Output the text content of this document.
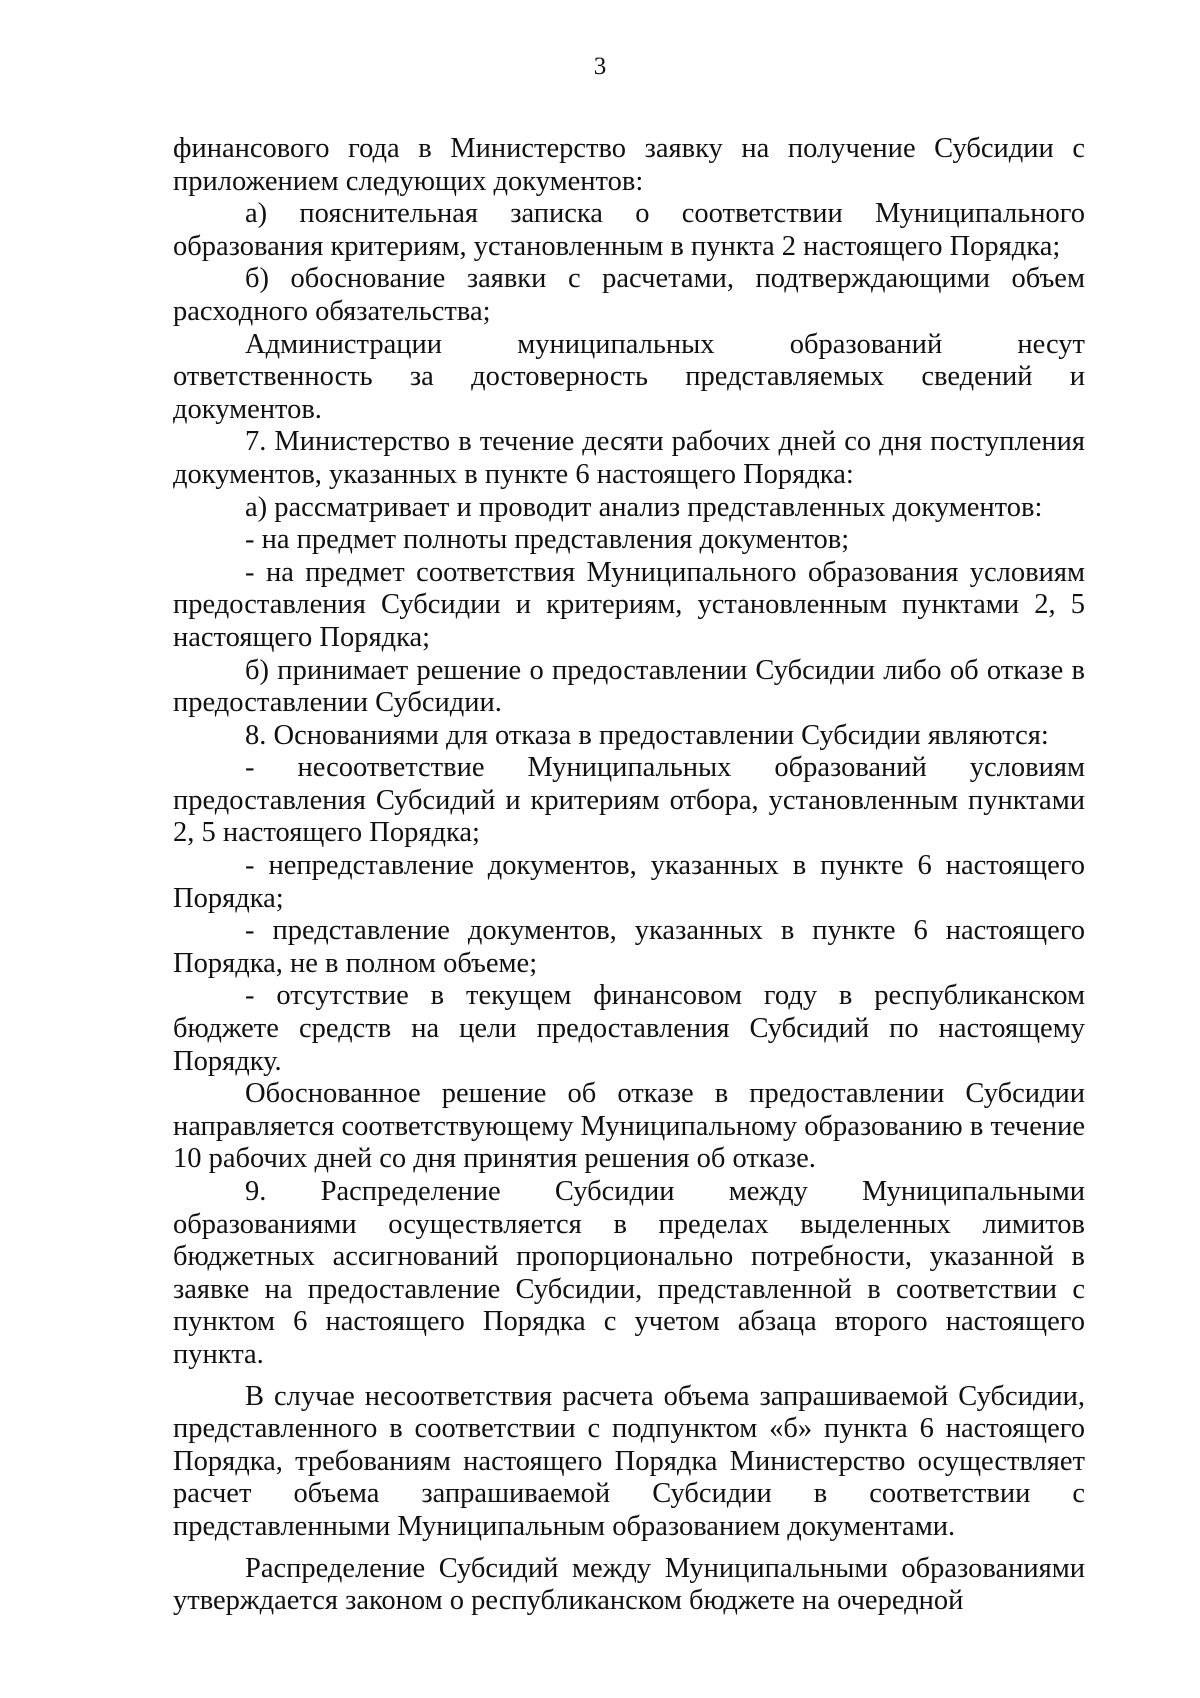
3

финансового года в Министерство заявку на получение Субсидии с приложением следующих документов:

а) пояснительная записка о соответствии Муниципального образования критериям, установленным в пункта 2 настоящего Порядка;

б) обоснование заявки с расчетами, подтверждающими объем расходного обязательства;

Администрации муниципальных образований несут ответственность за достоверность представляемых сведений и документов.

7. Министерство в течение десяти рабочих дней со дня поступления документов, указанных в пункте 6 настоящего Порядка:

а) рассматривает и проводит анализ представленных документов:

- на предмет полноты представления документов;

- на предмет соответствия Муниципального образования условиям предоставления Субсидии и критериям, установленным пунктами 2, 5 настоящего Порядка;

б) принимает решение о предоставлении Субсидии либо об отказе в предоставлении Субсидии.

8. Основаниями для отказа в предоставлении Субсидии являются:

- несоответствие Муниципальных образований условиям предоставления Субсидий и критериям отбора, установленным пунктами 2, 5 настоящего Порядка;

- непредставление документов, указанных в пункте 6 настоящего Порядка;

- представление документов, указанных в пункте 6 настоящего Порядка, не в полном объеме;

- отсутствие в текущем финансовом году в республиканском бюджете средств на цели предоставления Субсидий по настоящему Порядку.

Обоснованное решение об отказе в предоставлении Субсидии направляется соответствующему Муниципальному образованию в течение 10 рабочих дней со дня принятия решения об отказе.

9. Распределение Субсидии между Муниципальными образованиями осуществляется в пределах выделенных лимитов бюджетных ассигнований пропорционально потребности, указанной в заявке на предоставление Субсидии, представленной в соответствии с пунктом 6 настоящего Порядка с учетом абзаца второго настоящего пункта.

В случае несоответствия расчета объема запрашиваемой Субсидии, представленного в соответствии с подпунктом «б» пункта 6 настоящего Порядка, требованиям настоящего Порядка Министерство осуществляет расчет объема запрашиваемой Субсидии в соответствии с представленными Муниципальным образованием документами.

Распределение Субсидий между Муниципальными образованиями утверждается законом о республиканском бюджете на очередной
